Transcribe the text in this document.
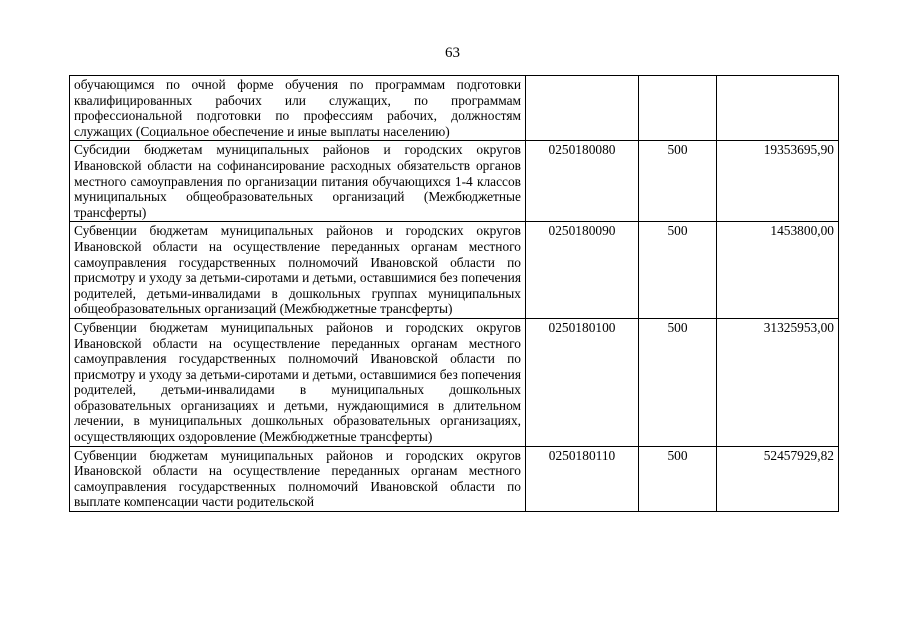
63
обучающимся по очной форме обучения по программам подготовки квалифицированных рабочих или служащих, по программам профессиональной подготовки по профессиям рабочих, должностям служащих (Социальное обеспечение и иные выплаты населению)			
Субсидии бюджетам муниципальных районов и городских округов Ивановской области на софинансирование расходных обязательств органов местного самоуправления по организации питания обучающихся 1-4 классов муниципальных общеобразовательных организаций (Межбюджетные трансферты)	0250180080	500	19353695,90
Субвенции бюджетам муниципальных районов и городских округов Ивановской области на осуществление переданных органам местного самоуправления государственных полномочий Ивановской области по присмотру и уходу за детьми-сиротами и детьми, оставшимися без попечения родителей, детьми-инвалидами в дошкольных группах муниципальных общеобразовательных организаций (Межбюджетные трансферты)	0250180090	500	1453800,00
Субвенции бюджетам муниципальных районов и городских округов Ивановской области на осуществление переданных органам местного самоуправления государственных полномочий Ивановской области по присмотру и уходу за детьми-сиротами и детьми, оставшимися без попечения родителей, детьми-инвалидами в муниципальных дошкольных образовательных организациях и детьми, нуждающимися в длительном лечении, в муниципальных дошкольных образовательных организациях, осуществляющих оздоровление (Межбюджетные трансферты)	0250180100	500	31325953,00
Субвенции бюджетам муниципальных районов и городских округов Ивановской области на осуществление переданных органам местного самоуправления государственных полномочий Ивановской области по выплате компенсации части родительской	0250180110	500	52457929,82
